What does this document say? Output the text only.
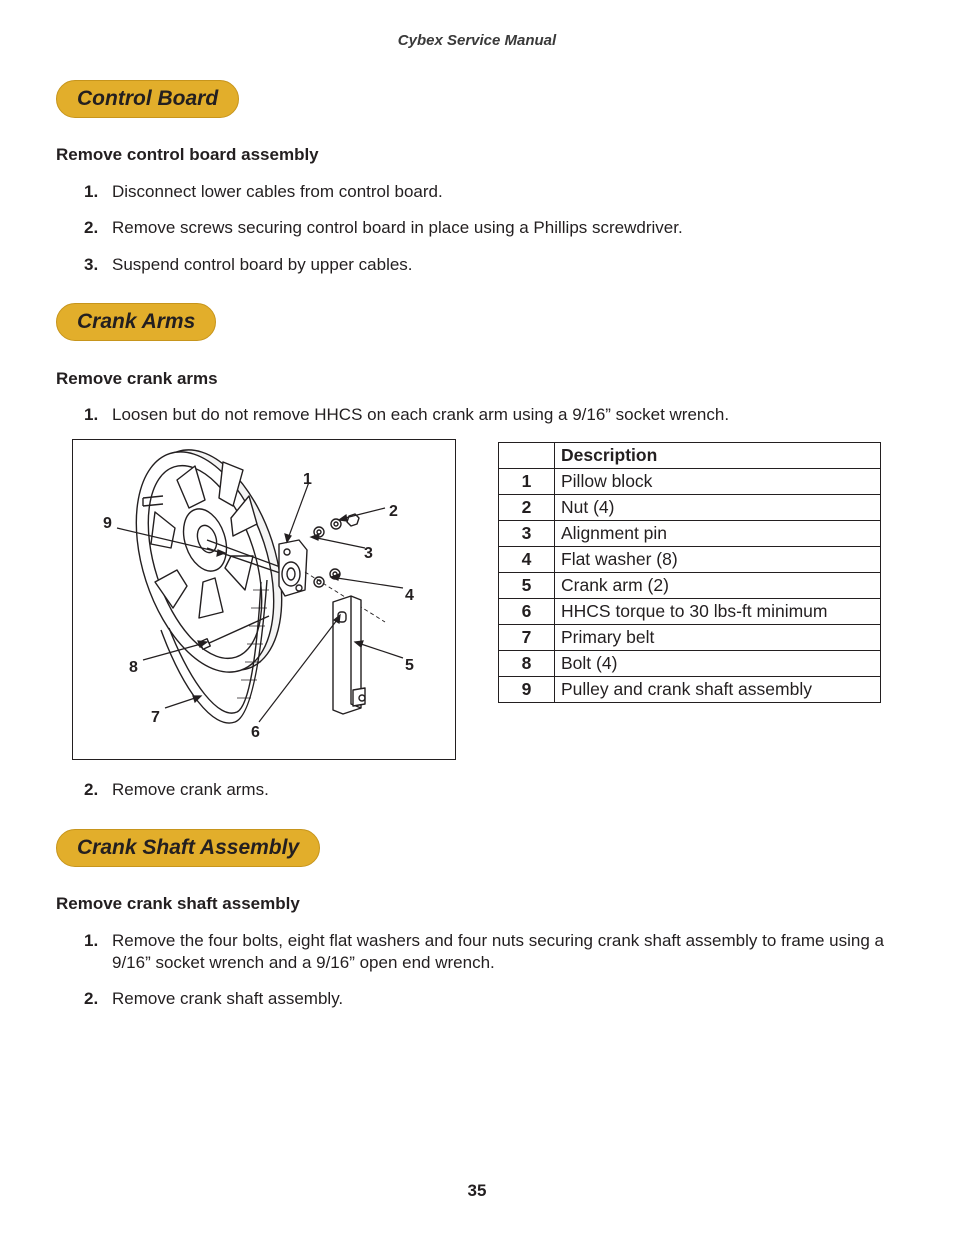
Cybex Service Manual
Control Board
Remove control board assembly
1. Disconnect lower cables from control board.
2. Remove screws securing control board in place using a Phillips screwdriver.
3. Suspend control board by upper cables.
Crank Arms
Remove crank arms
1. Loosen but do not remove HHCS on each crank arm using a 9/16” socket wrench.
1
2
3
4
5
6
7
8
9
	Description
1	Pillow block
2	Nut (4)
3	Alignment pin
4	Flat washer (8)
5	Crank arm (2)
6	HHCS torque to 30 lbs-ft minimum
7	Primary belt
8	Bolt (4)
9	Pulley and crank shaft assembly
2. Remove crank arms.
Crank Shaft Assembly
Remove crank shaft assembly
1. Remove the four bolts, eight flat washers and four nuts securing crank shaft assembly to frame using a 9/16” socket wrench and a 9/16” open end wrench.
2. Remove crank shaft assembly.
35
